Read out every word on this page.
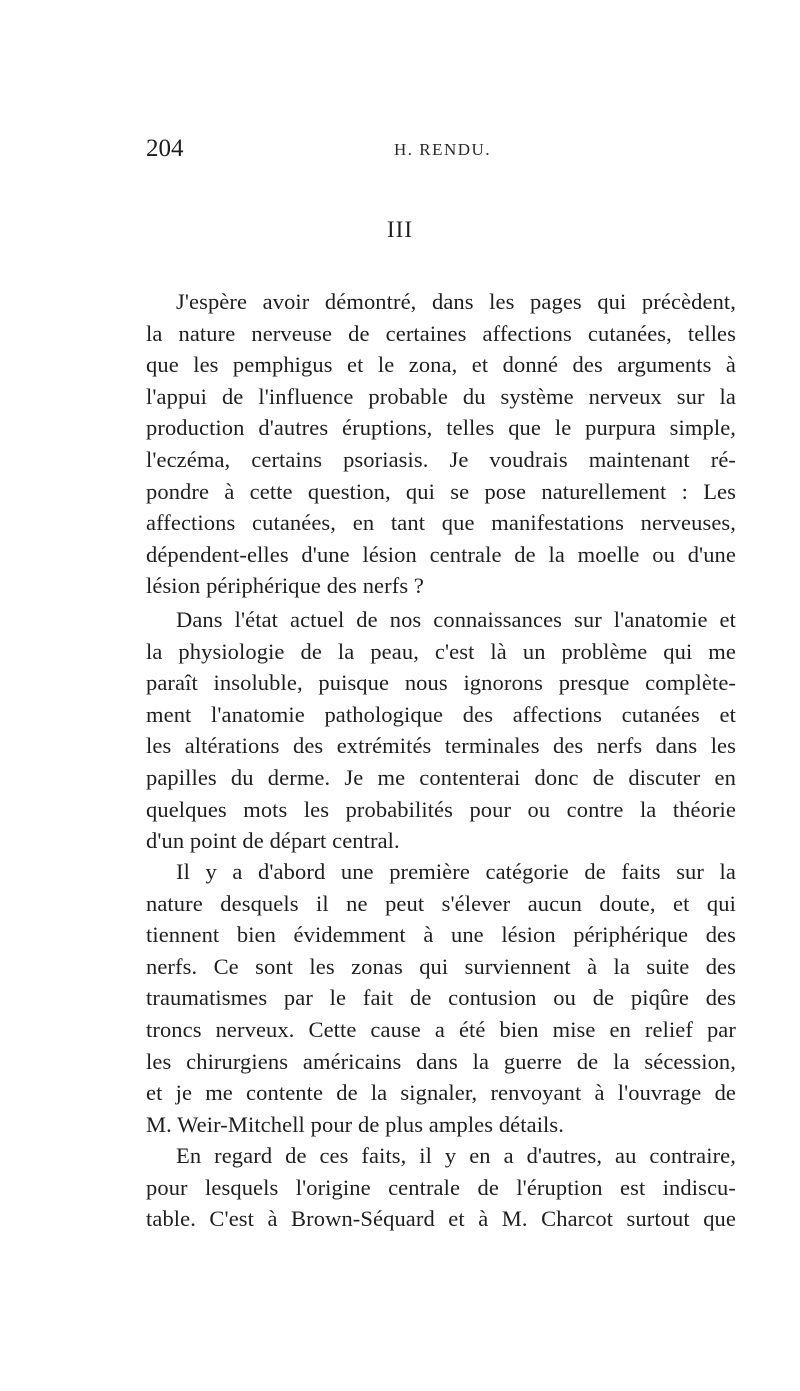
204	H. RENDU.
III
J'espère avoir démontré, dans les pages qui précèdent,
la nature nerveuse de certaines affections cutanées, telles
que les pemphigus et le zona, et donné des arguments à
l'appui de l'influence probable du système nerveux sur la
production d'autres éruptions, telles que le purpura simple,
l'eczéma, certains psoriasis. Je voudrais maintenant ré-
pondre à cette question, qui se pose naturellement : Les
affections cutanées, en tant que manifestations nerveuses,
dépendent-elles d'une lésion centrale de la moelle ou d'une
lésion périphérique des nerfs ?
Dans l'état actuel de nos connaissances sur l'anatomie et
la physiologie de la peau, c'est là un problème qui me
paraît insoluble, puisque nous ignorons presque complète-
ment l'anatomie pathologique des affections cutanées et
les altérations des extrémités terminales des nerfs dans les
papilles du derme. Je me contenterai donc de discuter en
quelques mots les probabilités pour ou contre la théorie
d'un point de départ central.
Il y a d'abord une première catégorie de faits sur la
nature desquels il ne peut s'élever aucun doute, et qui
tiennent bien évidemment à une lésion périphérique des
nerfs. Ce sont les zonas qui surviennent à la suite des
traumatismes par le fait de contusion ou de piqûre des
troncs nerveux. Cette cause a été bien mise en relief par
les chirurgiens américains dans la guerre de la sécession,
et je me contente de la signaler, renvoyant à l'ouvrage de
M. Weir-Mitchell pour de plus amples détails.
En regard de ces faits, il y en a d'autres, au contraire,
pour lesquels l'origine centrale de l'éruption est indiscu-
table. C'est à Brown-Séquard et à M. Charcot surtout que
